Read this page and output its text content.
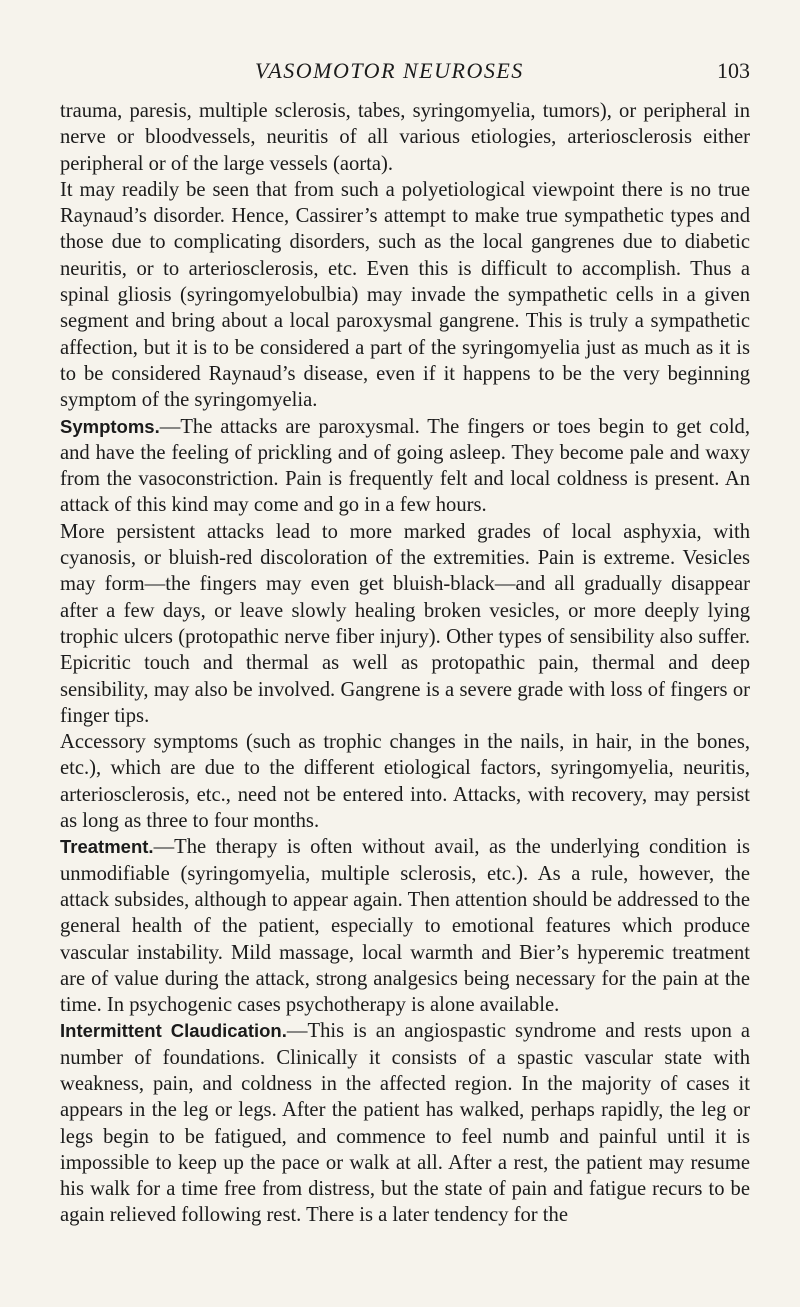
VASOMOTOR NEUROSES	103

trauma, paresis, multiple sclerosis, tabes, syringomyelia, tumors), or peripheral in nerve or bloodvessels, neuritis of all various etiologies, arteriosclerosis either peripheral or of the large vessels (aorta).

It may readily be seen that from such a polyetiological viewpoint there is no true Raynaud’s disorder. Hence, Cassirer’s attempt to make true sympathetic types and those due to complicating disorders, such as the local gangrenes due to diabetic neuritis, or to arteriosclerosis, etc. Even this is difficult to accomplish. Thus a spinal gliosis (syringomyelobulbia) may invade the sympathetic cells in a given segment and bring about a local paroxysmal gangrene. This is truly a sympathetic affection, but it is to be considered a part of the syringomyelia just as much as it is to be considered Raynaud’s disease, even if it happens to be the very beginning symptom of the syringomyelia.

Symptoms.—The attacks are paroxysmal. The fingers or toes begin to get cold, and have the feeling of prickling and of going asleep. They become pale and waxy from the vasoconstriction. Pain is frequently felt and local coldness is present. An attack of this kind may come and go in a few hours.

More persistent attacks lead to more marked grades of local asphyxia, with cyanosis, or bluish-red discoloration of the extremities. Pain is extreme. Vesicles may form—the fingers may even get bluish-black—and all gradually disappear after a few days, or leave slowly healing broken vesicles, or more deeply lying trophic ulcers (protopathic nerve fiber injury). Other types of sensibility also suffer. Epicritic touch and thermal as well as protopathic pain, thermal and deep sensibility, may also be involved. Gangrene is a severe grade with loss of fingers or finger tips.

Accessory symptoms (such as trophic changes in the nails, in hair, in the bones, etc.), which are due to the different etiological factors, syringomyelia, neuritis, arteriosclerosis, etc., need not be entered into. Attacks, with recovery, may persist as long as three to four months.

Treatment.—The therapy is often without avail, as the underlying condition is unmodifiable (syringomyelia, multiple sclerosis, etc.). As a rule, however, the attack subsides, although to appear again. Then attention should be addressed to the general health of the patient, especially to emotional features which produce vascular instability. Mild massage, local warmth and Bier’s hyperemic treatment are of value during the attack, strong analgesics being necessary for the pain at the time. In psychogenic cases psychotherapy is alone available.

Intermittent Claudication.—This is an angiospastic syndrome and rests upon a number of foundations. Clinically it consists of a spastic vascular state with weakness, pain, and coldness in the affected region. In the majority of cases it appears in the leg or legs. After the patient has walked, perhaps rapidly, the leg or legs begin to be fatigued, and commence to feel numb and painful until it is impossible to keep up the pace or walk at all. After a rest, the patient may resume his walk for a time free from distress, but the state of pain and fatigue recurs to be again relieved following rest. There is a later tendency for the
